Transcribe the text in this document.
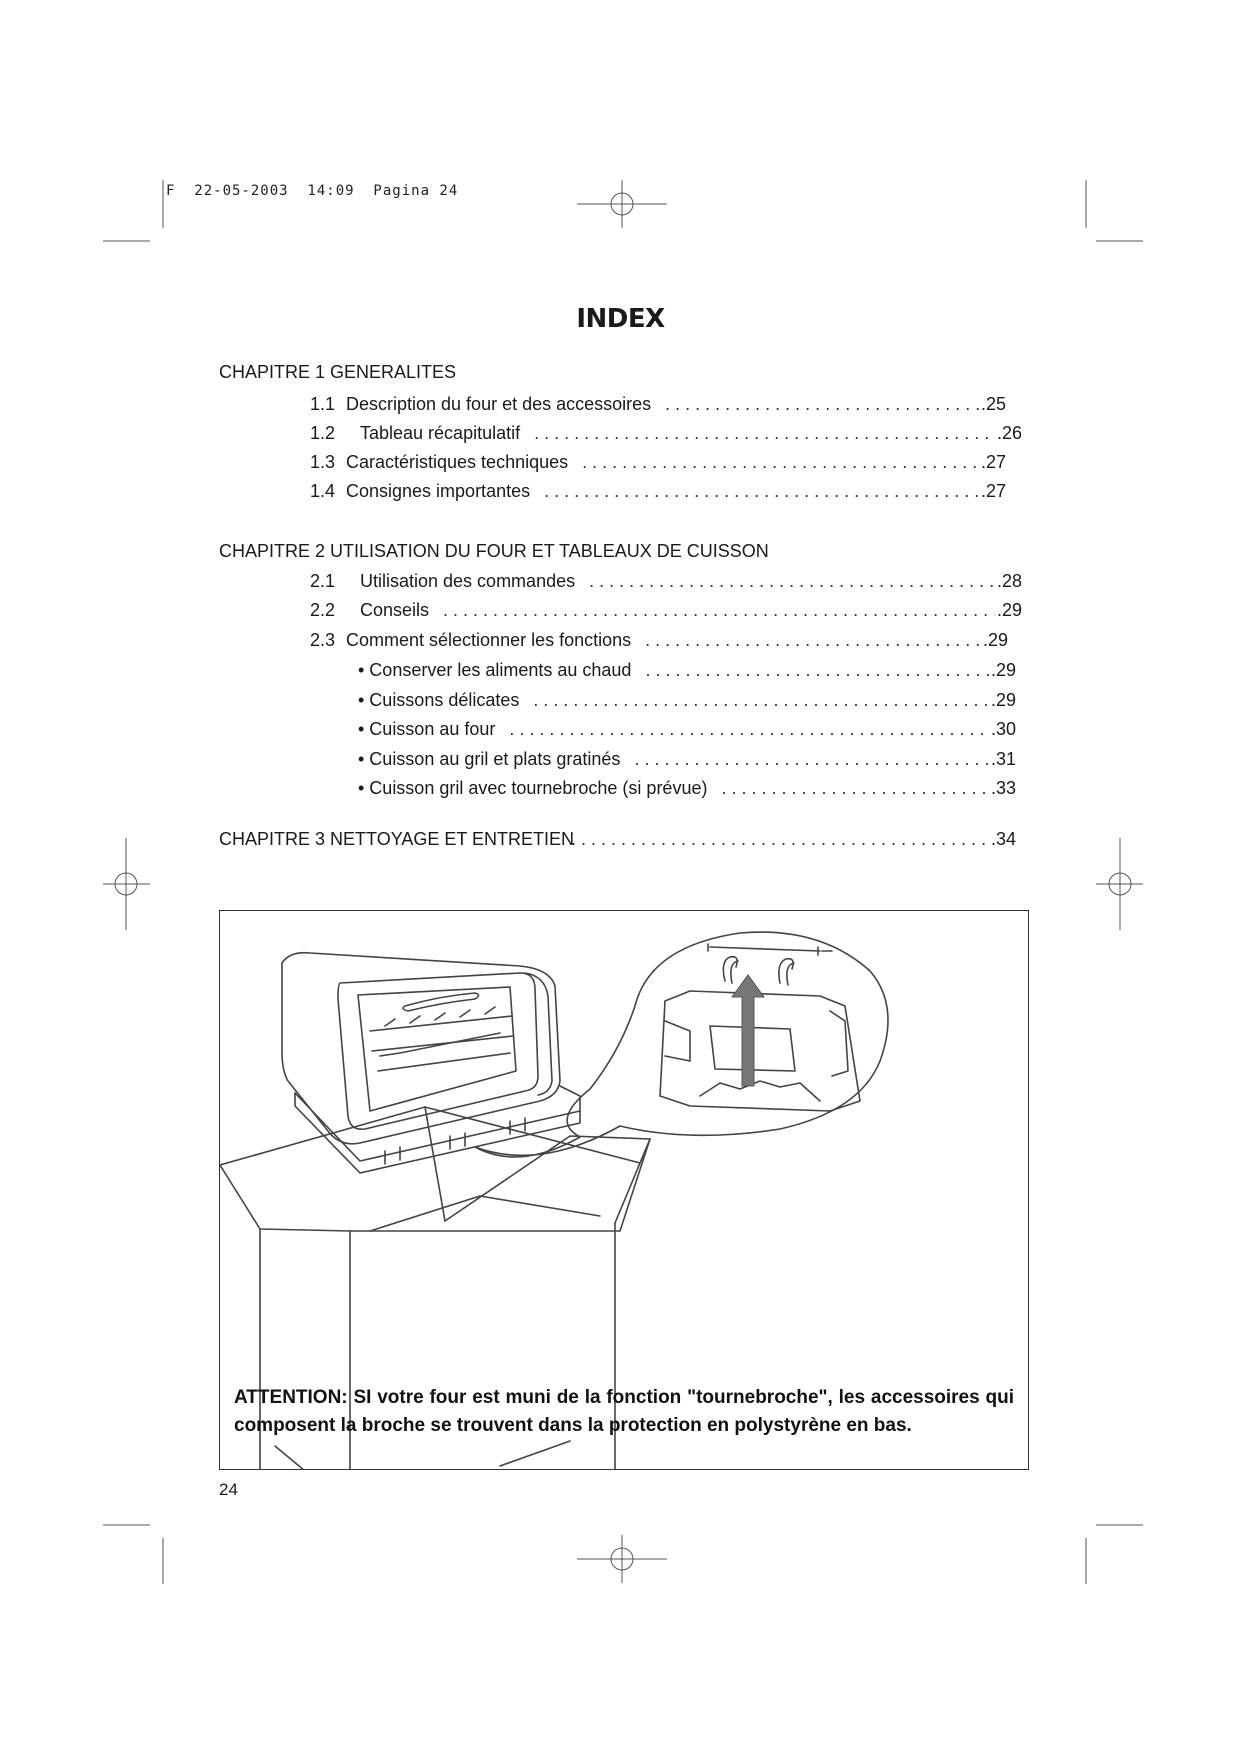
F  22-05-2003  14:09  Pagina 24
INDEX
CHAPITRE 1 GENERALITES
1.1 Description du four et des accessoires . . .	.25
1.2	Tableau récapitulatif . . .	.26
1.3 Caractéristiques techniques . . .	.27
1.4 Consignes importantes . . .	.27
CHAPITRE 2 UTILISATION DU FOUR ET TABLEAUX DE CUISSON
2.1	Utilisation des commandes . . .	.28
2.2	Conseils . . .	.29
2.3 Comment sélectionner les fonctions . . .	.29
• Conserver les aliments au chaud . . .	.29
• Cuissons délicates . . .	.29
• Cuisson au four . . .	.30
• Cuisson au gril et plats gratinés . . .	.31
• Cuisson gril avec tournebroche (si prévue) . . .	.33
CHAPITRE 3 NETTOYAGE ET ENTRETIEN . . .	.34
ATTENTION: SI votre four est muni de la fonction "tournebroche", les accessoires qui composent la broche se trouvent dans la protection en polystyrène en bas.
24
